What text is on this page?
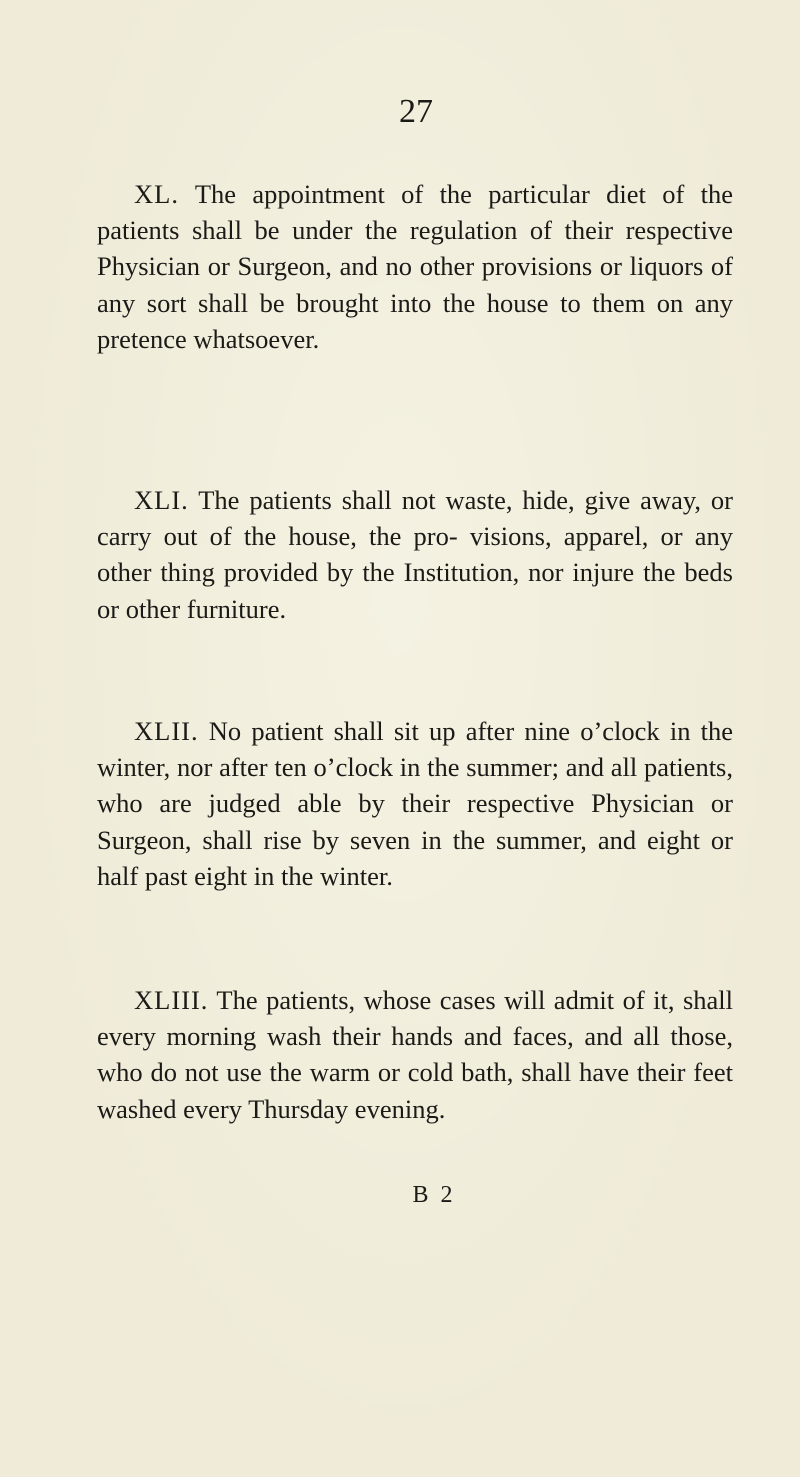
27

XL. The appointment of the particular diet of the patients shall be under the regulation of their respective Physician or Surgeon, and no other provisions or liquors of any sort shall be brought into the house to them on any pretence whatsoever.

XLI. The patients shall not waste, hide, give away, or carry out of the house, the pro- visions, apparel, or any other thing provided by the Institution, nor injure the beds or other furniture.

XLII. No patient shall sit up after nine o’clock in the winter, nor after ten o’clock in the summer; and all patients, who are judged able by their respective Physician or Surgeon, shall rise by seven in the summer, and eight or half past eight in the winter.

XLIII. The patients, whose cases will admit of it, shall every morning wash their hands and faces, and all those, who do not use the warm or cold bath, shall have their feet washed every Thursday evening.

B 2
